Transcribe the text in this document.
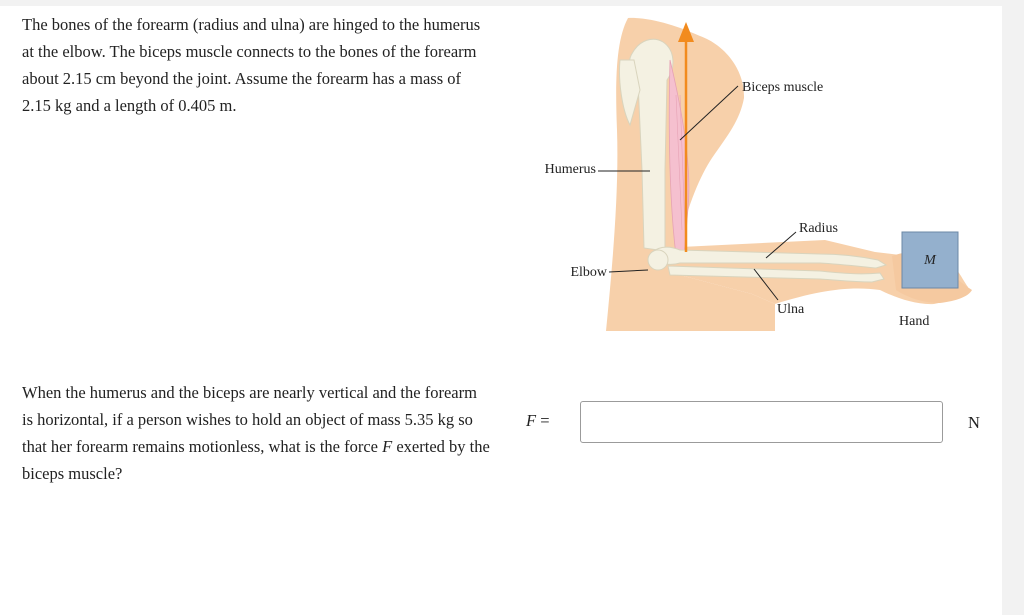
The bones of the forearm (radius and ulna) are hinged to the humerus at the elbow. The biceps muscle connects to the bones of the forearm about 2.15 cm beyond the joint. Assume the forearm has a mass of 2.15 kg and a length of 0.405 m.

M
Biceps muscle
Humerus
Radius
Elbow
Ulna
Hand

When the humerus and the biceps are nearly vertical and the forearm is horizontal, if a person wishes to hold an object of mass 5.35 kg so that her forearm remains motionless, what is the force F exerted by the biceps muscle?

F =	N
